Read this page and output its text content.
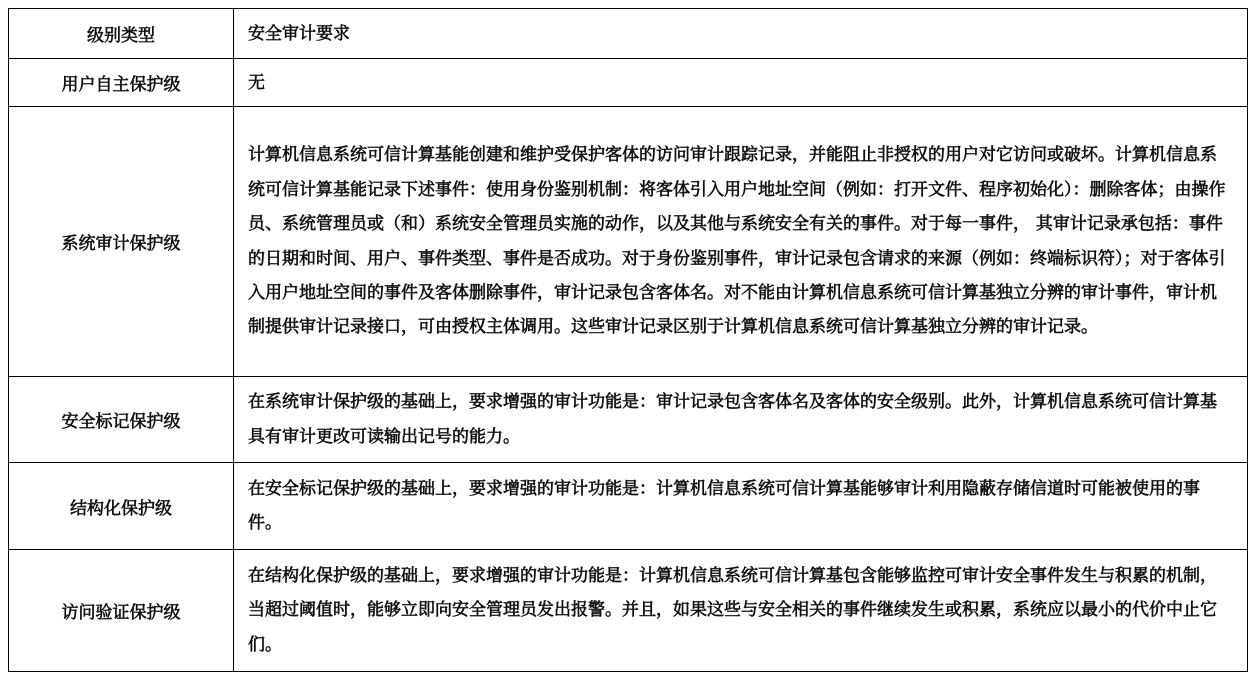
级别类型	安全审计要求

用户自主保护级	无

系统审计保护级	计算机信息系统可信计算基能创建和维护受保护客体的访问审计跟踪记录，并能阻止非授权的用户对它访问或破坏。计算机信息系统可信计算基能记录下述事件：使用身份鉴别机制：将客体引入用户地址空间（例如：打开文件、程序初始化）：删除客体；由操作员、系统管理员或（和）系统安全管理员实施的动作，以及其他与系统安全有关的事件。对于每一事件， 其审计记录承包括：事件的日期和时间、用户、事件类型、事件是否成功。对于身份鉴别事件，审计记录包含请求的来源（例如：终端标识符）；对于客体引入用户地址空间的事件及客体删除事件，审计记录包含客体名。对不能由计算机信息系统可信计算基独立分辨的审计事件，审计机制提供审计记录接口，可由授权主体调用。这些审计记录区别于计算机信息系统可信计算基独立分辨的审计记录。

安全标记保护级	在系统审计保护级的基础上，要求增强的审计功能是：审计记录包含客体名及客体的安全级别。此外，计算机信息系统可信计算基具有审计更改可读输出记号的能力。

结构化保护级	在安全标记保护级的基础上，要求增强的审计功能是：计算机信息系统可信计算基能够审计利用隐蔽存储信道时可能被使用的事件。

访问验证保护级	在结构化保护级的基础上，要求增强的审计功能是：计算机信息系统可信计算基包含能够监控可审计安全事件发生与积累的机制，当超过阈值时，能够立即向安全管理员发出报警。并且，如果这些与安全相关的事件继续发生或积累，系统应以最小的代价中止它们。
